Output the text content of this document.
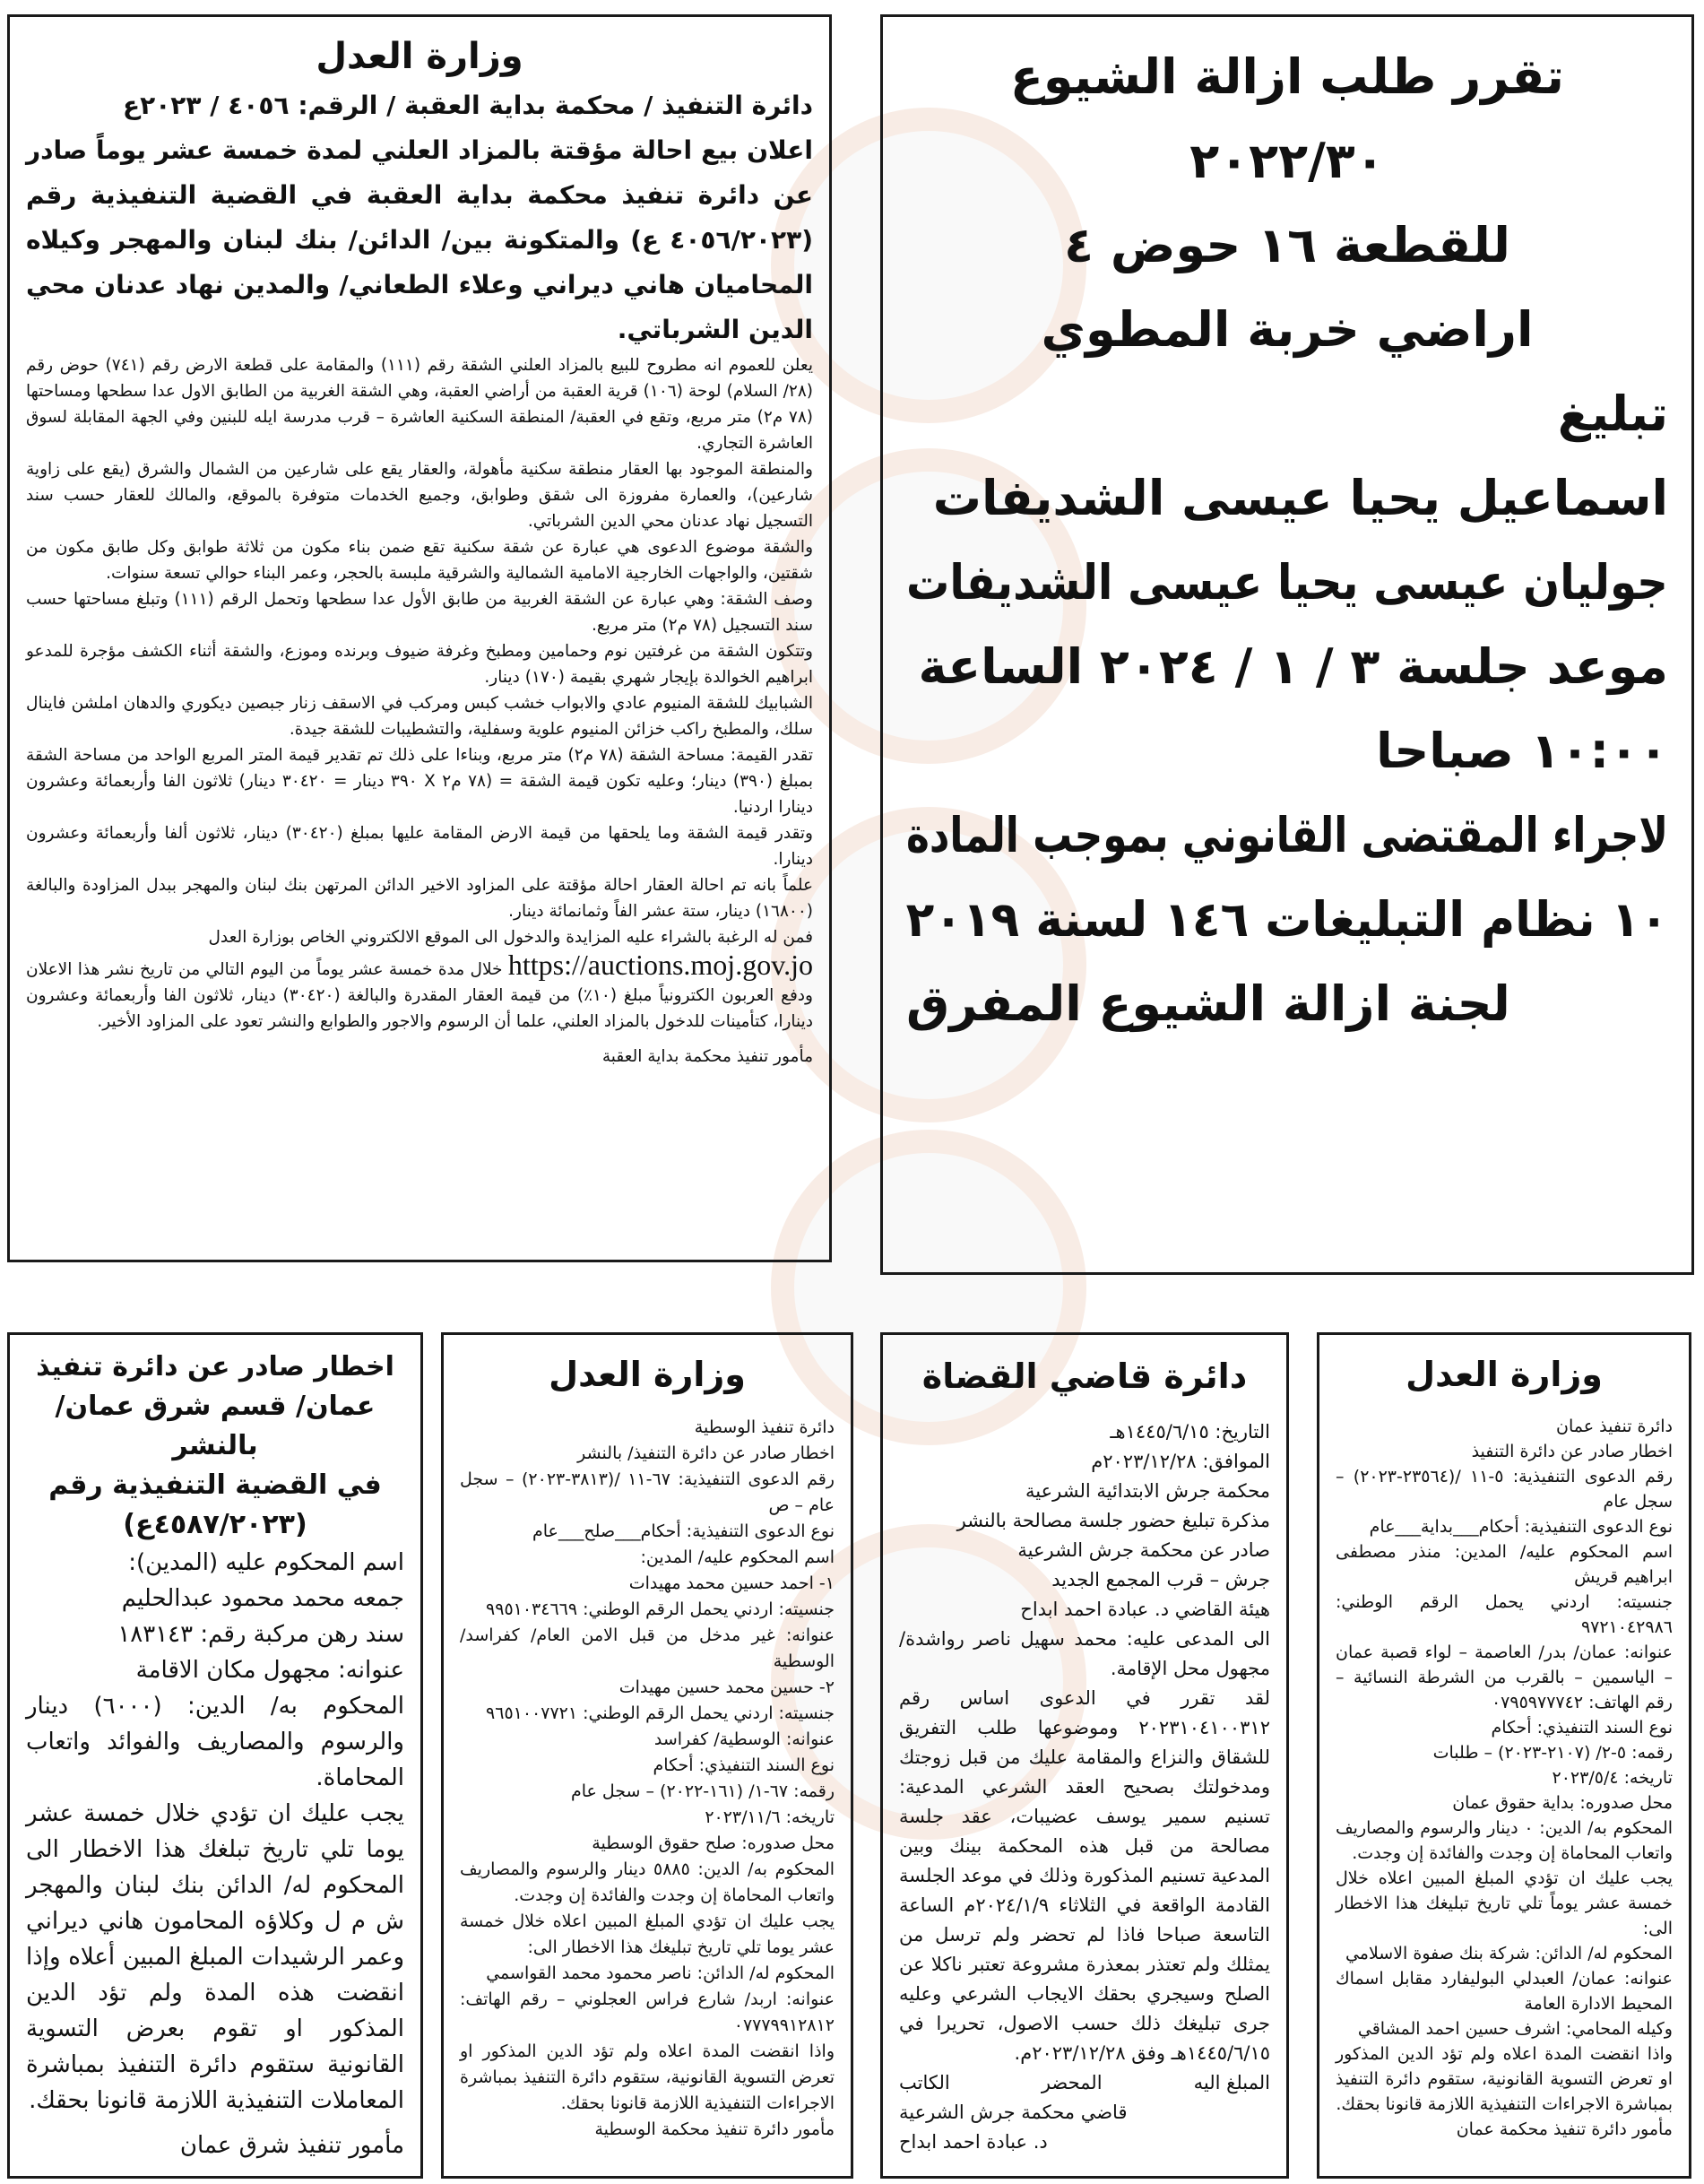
وزارة العدل

دائرة التنفيذ / محكمة بداية العقبة / الرقم: ٤٠٥٦ / ٢٠٢٣ع

اعلان بيع احالة مؤقتة بالمزاد العلني لمدة خمسة عشر يوماً صادر عن دائرة تنفيذ محكمة بداية العقبة في القضية التنفيذية رقم (٤٠٥٦/٢٠٢٣ ع) والمتكونة بين/ الدائن/ بنك لبنان والمهجر وكيلاه المحاميان هاني ديراني وعلاء الطعاني/ والمدين نهاد عدنان محي الدين الشرباتي.

يعلن للعموم انه مطروح للبيع بالمزاد العلني الشقة رقم (١١١) والمقامة على قطعة الارض رقم (٧٤١) حوض رقم (٢٨/ السلام) لوحة (١٠٦) قرية العقبة من أراضي العقبة، وهي الشقة الغربية من الطابق الاول عدا سطحها ومساحتها (٧٨ م٢) متر مربع، وتقع في العقبة/ المنطقة السكنية العاشرة – قرب مدرسة ايله للبنين وفي الجهة المقابلة لسوق العاشرة التجاري.

والمنطقة الموجود بها العقار منطقة سكنية مأهولة، والعقار يقع على شارعين من الشمال والشرق (يقع على زاوية شارعين)، والعمارة مفروزة الى شقق وطوابق، وجميع الخدمات متوفرة بالموقع، والمالك للعقار حسب سند التسجيل نهاد عدنان محي الدين الشرباتي.

والشقة موضوع الدعوى هي عبارة عن شقة سكنية تقع ضمن بناء مكون من ثلاثة طوابق وكل طابق مكون من شقتين، والواجهات الخارجية الامامية الشمالية والشرقية ملبسة بالحجر، وعمر البناء حوالي تسعة سنوات.

وصف الشقة: وهي عبارة عن الشقة الغربية من طابق الأول عدا سطحها وتحمل الرقم (١١١) وتبلغ مساحتها حسب سند التسجيل (٧٨ م٢) متر مربع.

وتتكون الشقة من غرفتين نوم وحمامين ومطبخ وغرفة ضيوف وبرنده وموزع، والشقة أثناء الكشف مؤجرة للمدعو ابراهيم الخوالدة بإيجار شهري بقيمة (١٧٠) دينار.

الشبابيك للشقة المنيوم عادي والابواب خشب كبس ومركب في الاسقف زنار جبصين ديكوري والدهان املشن فاينال سلك، والمطبخ راكب خزائن المنيوم علوية وسفلية، والتشطيبات للشقة جيدة.

تقدر القيمة: مساحة الشقة (٧٨ م٢) متر مربع، وبناءا على ذلك تم تقدير قيمة المتر المربع الواحد من مساحة الشقة بمبلغ (٣٩٠) دينار؛ وعليه تكون قيمة الشقة = (٧٨ م٢ X ٣٩٠ دينار = ٣٠٤٢٠ دينار) ثلاثون الفا وأربعمائة وعشرون دينارا اردنيا.

وتقدر قيمة الشقة وما يلحقها من قيمة الارض المقامة عليها بمبلغ (٣٠٤٢٠) دينار، ثلاثون ألفا وأربعمائة وعشرون دينارا.

علماً بانه تم احالة العقار احالة مؤقتة على المزاود الاخير الدائن المرتهن بنك لبنان والمهجر ببدل المزاودة والبالغة (١٦٨٠٠) دينار، ستة عشر الفاً وثمانمائة دينار.

فمن له الرغبة بالشراء عليه المزايدة والدخول الى الموقع الالكتروني الخاص بوزارة العدل

https://auctions.moj.gov.jo خلال مدة خمسة عشر يوماً من اليوم التالي من تاريخ نشر هذا الاعلان ودفع العربون الكترونياً مبلغ (١٠٪) من قيمة العقار المقدرة والبالغة (٣٠٤٢٠) دينار، ثلاثون الفا وأربعمائة وعشرون دينارا، كتأمينات للدخول بالمزاد العلني، علما أن الرسوم والاجور والطوابع والنشر تعود على المزاود الأخير.

مأمور تنفيذ محكمة بداية العقبة

تقرر طلب ازالة الشيوع

٢٠٢٢/٣٠

للقطعة ١٦ حوض ٤

اراضي خربة المطوي

تبليغ

اسماعيل يحيا عيسى الشديفات

جوليان عيسى يحيا عيسى الشديفات

موعد جلسة ٣ / ١ / ٢٠٢٤ الساعة

١٠:٠٠ صباحا

لاجراء المقتضى القانوني بموجب المادة

١٠ نظام التبليغات ١٤٦ لسنة ٢٠١٩

لجنة ازالة الشيوع المفرق

وزارة العدل

دائرة تنفيذ عمان

اخطار صادر عن دائرة التنفيذ

رقم الدعوى التنفيذية: ٥-١١ /(٢٣٥٦٤-٢٠٢٣) – سجل عام

نوع الدعوى التنفيذية: أحكام___بداية___عام

اسم المحكوم عليه/ المدين: منذر مصطفى ابراهيم قريش

جنسيته: اردني يحمل الرقم الوطني: ٩٧٢١٠٤٢٩٨٦

عنوانه: عمان/ بدر/ العاصمة – لواء قصبة عمان – الياسمين – بالقرب من الشرطة النسائية – رقم الهاتف: ٠٧٩٥٩٧٧٧٤٢

نوع السند التنفيذي: أحكام

رقمه: ٥-٢/ (٢١٠٧-٢٠٢٣) – طلبات

تاريخه: ٢٠٢٣/٥/٤

محل صدوره: بداية حقوق عمان

المحكوم به/ الدين: ٠ دينار والرسوم والمصاريف واتعاب المحاماة إن وجدت والفائدة إن وجدت.

يجب عليك ان تؤدي المبلغ المبين اعلاه خلال خمسة عشر يوماً تلي تاريخ تبليغك هذا الاخطار الى:

المحكوم له/ الدائن: شركة بنك صفوة الاسلامي

عنوانه: عمان/ العبدلي البوليفارد مقابل اسماك المحيط الادارة العامة

وكيله المحامي: اشرف حسين احمد المشاقي

واذا انقضت المدة اعلاه ولم تؤد الدين المذكور او تعرض التسوية القانونية، ستقوم دائرة التنفيذ بمباشرة الاجراءات التنفيذية اللازمة قانونا بحقك.

مأمور دائرة تنفيذ محكمة عمان

دائرة قاضي القضاة

التاريخ: ١٤٤٥/٦/١٥هـ

الموافق: ٢٠٢٣/١٢/٢٨م

محكمة جرش الابتدائية الشرعية

مذكرة تبليغ حضور جلسة مصالحة بالنشر

صادر عن محكمة جرش الشرعية

جرش – قرب المجمع الجديد

هيئة القاضي د. عبادة احمد ابداح

الى المدعى عليه: محمد سهيل ناصر رواشدة/ مجهول محل الإقامة.

لقد تقرر في الدعوى اساس رقم ٢٠٢٣١٠٤١٠٠٣١٢ وموضوعها طلب التفريق للشقاق والنزاع والمقامة عليك من قبل زوجتك ومدخولتك بصحيح العقد الشرعي المدعية: تسنيم سمير يوسف عضيبات، عقد جلسة مصالحة من قبل هذه المحكمة بينك وبين المدعية تسنيم المذكورة وذلك في موعد الجلسة القادمة الواقعة في الثلاثاء ٢٠٢٤/١/٩م الساعة التاسعة صباحا فاذا لم تحضر ولم ترسل من يمثلك ولم تعتذر بمعذرة مشروعة تعتبر ناكلا عن الصلح وسيجري بحقك الايجاب الشرعي وعليه جرى تبليغك ذلك حسب الاصول، تحريرا في ١٤٤٥/٦/١٥هـ وفق ٢٠٢٣/١٢/٢٨م.

المبلغ اليه

المحضر

الكاتب

قاضي محكمة جرش الشرعية

د. عبادة احمد ابداح

وزارة العدل

دائرة تنفيذ الوسطية

اخطار صادر عن دائرة التنفيذ/ بالنشر

رقم الدعوى التنفيذية: ٦٧-١١ /(٣٨١٣-٢٠٢٣) – سجل عام – ص

نوع الدعوى التنفيذية: أحكام___صلح___عام

اسم المحكوم عليه/ المدين:

١- احمد حسين محمد مهيدات

جنسيته: اردني يحمل الرقم الوطني: ٩٩٥١٠٣٤٦٦٩

عنوانه: غير مدخل من قبل الامن العام/ كفراسد/ الوسطية

٢- حسين محمد حسين مهيدات

جنسيته: اردني يحمل الرقم الوطني: ٩٦٥١٠٠٧٧٢١

عنوانه: الوسطية/ كفراسد

نوع السند التنفيذي: أحكام

رقمه: ٦٧-١/ (١٦١-٢٠٢٢) – سجل عام

تاريخه: ٢٠٢٣/١١/٦

محل صدوره: صلح حقوق الوسطية

المحكوم به/ الدين: ٥٨٨٥ دينار والرسوم والمصاريف واتعاب المحاماة إن وجدت والفائدة إن وجدت.

يجب عليك ان تؤدي المبلغ المبين اعلاه خلال خمسة عشر يوما تلي تاريخ تبليغك هذا الاخطار الى:

المحكوم له/ الدائن: ناصر محمود محمد القواسمي

عنوانه: اربد/ شارع فراس العجلوني – رقم الهاتف: ٠٧٧٧٩٩١٢٨١٢

واذا انقضت المدة اعلاه ولم تؤد الدين المذكور او تعرض التسوية القانونية، ستقوم دائرة التنفيذ بمباشرة الاجراءات التنفيذية اللازمة قانونا بحقك.

مأمور دائرة تنفيذ محكمة الوسطية

اخطار صادر عن دائرة تنفيذ
عمان/ قسم شرق عمان/
بالنشر
في القضية التنفيذية رقم
(٤٥٨٧/٢٠٢٣ع)

اسم المحكوم عليه (المدين):

جمعه محمد محمود عبدالحليم

سند رهن مركبة رقم: ١٨٣١٤٣

عنوانه: مجهول مكان الاقامة

المحكوم به/ الدين: (٦٠٠٠) دينار والرسوم والمصاريف والفوائد واتعاب المحاماة.

يجب عليك ان تؤدي خلال خمسة عشر يوما تلي تاريخ تبلغك هذا الاخطار الى المحكوم له/ الدائن بنك لبنان والمهجر ش م ل وكلاؤه المحامون هاني ديراني وعمر الرشيدات المبلغ المبين أعلاه وإذا انقضت هذه المدة ولم تؤد الدين المذكور او تقوم بعرض التسوية القانونية ستقوم دائرة التنفيذ بمباشرة المعاملات التنفيذية اللازمة قانونا بحقك.

مأمور تنفيذ شرق عمان
